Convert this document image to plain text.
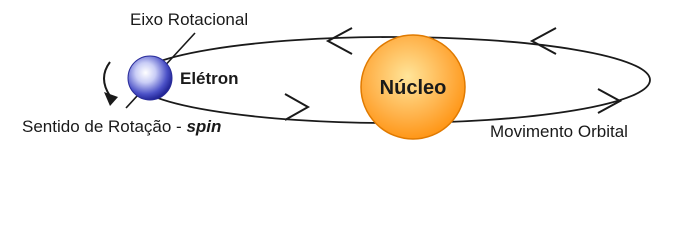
Núcleo
Eixo Rotacional
Elétron
Sentido de Rotação - spin	Movimento Orbital
